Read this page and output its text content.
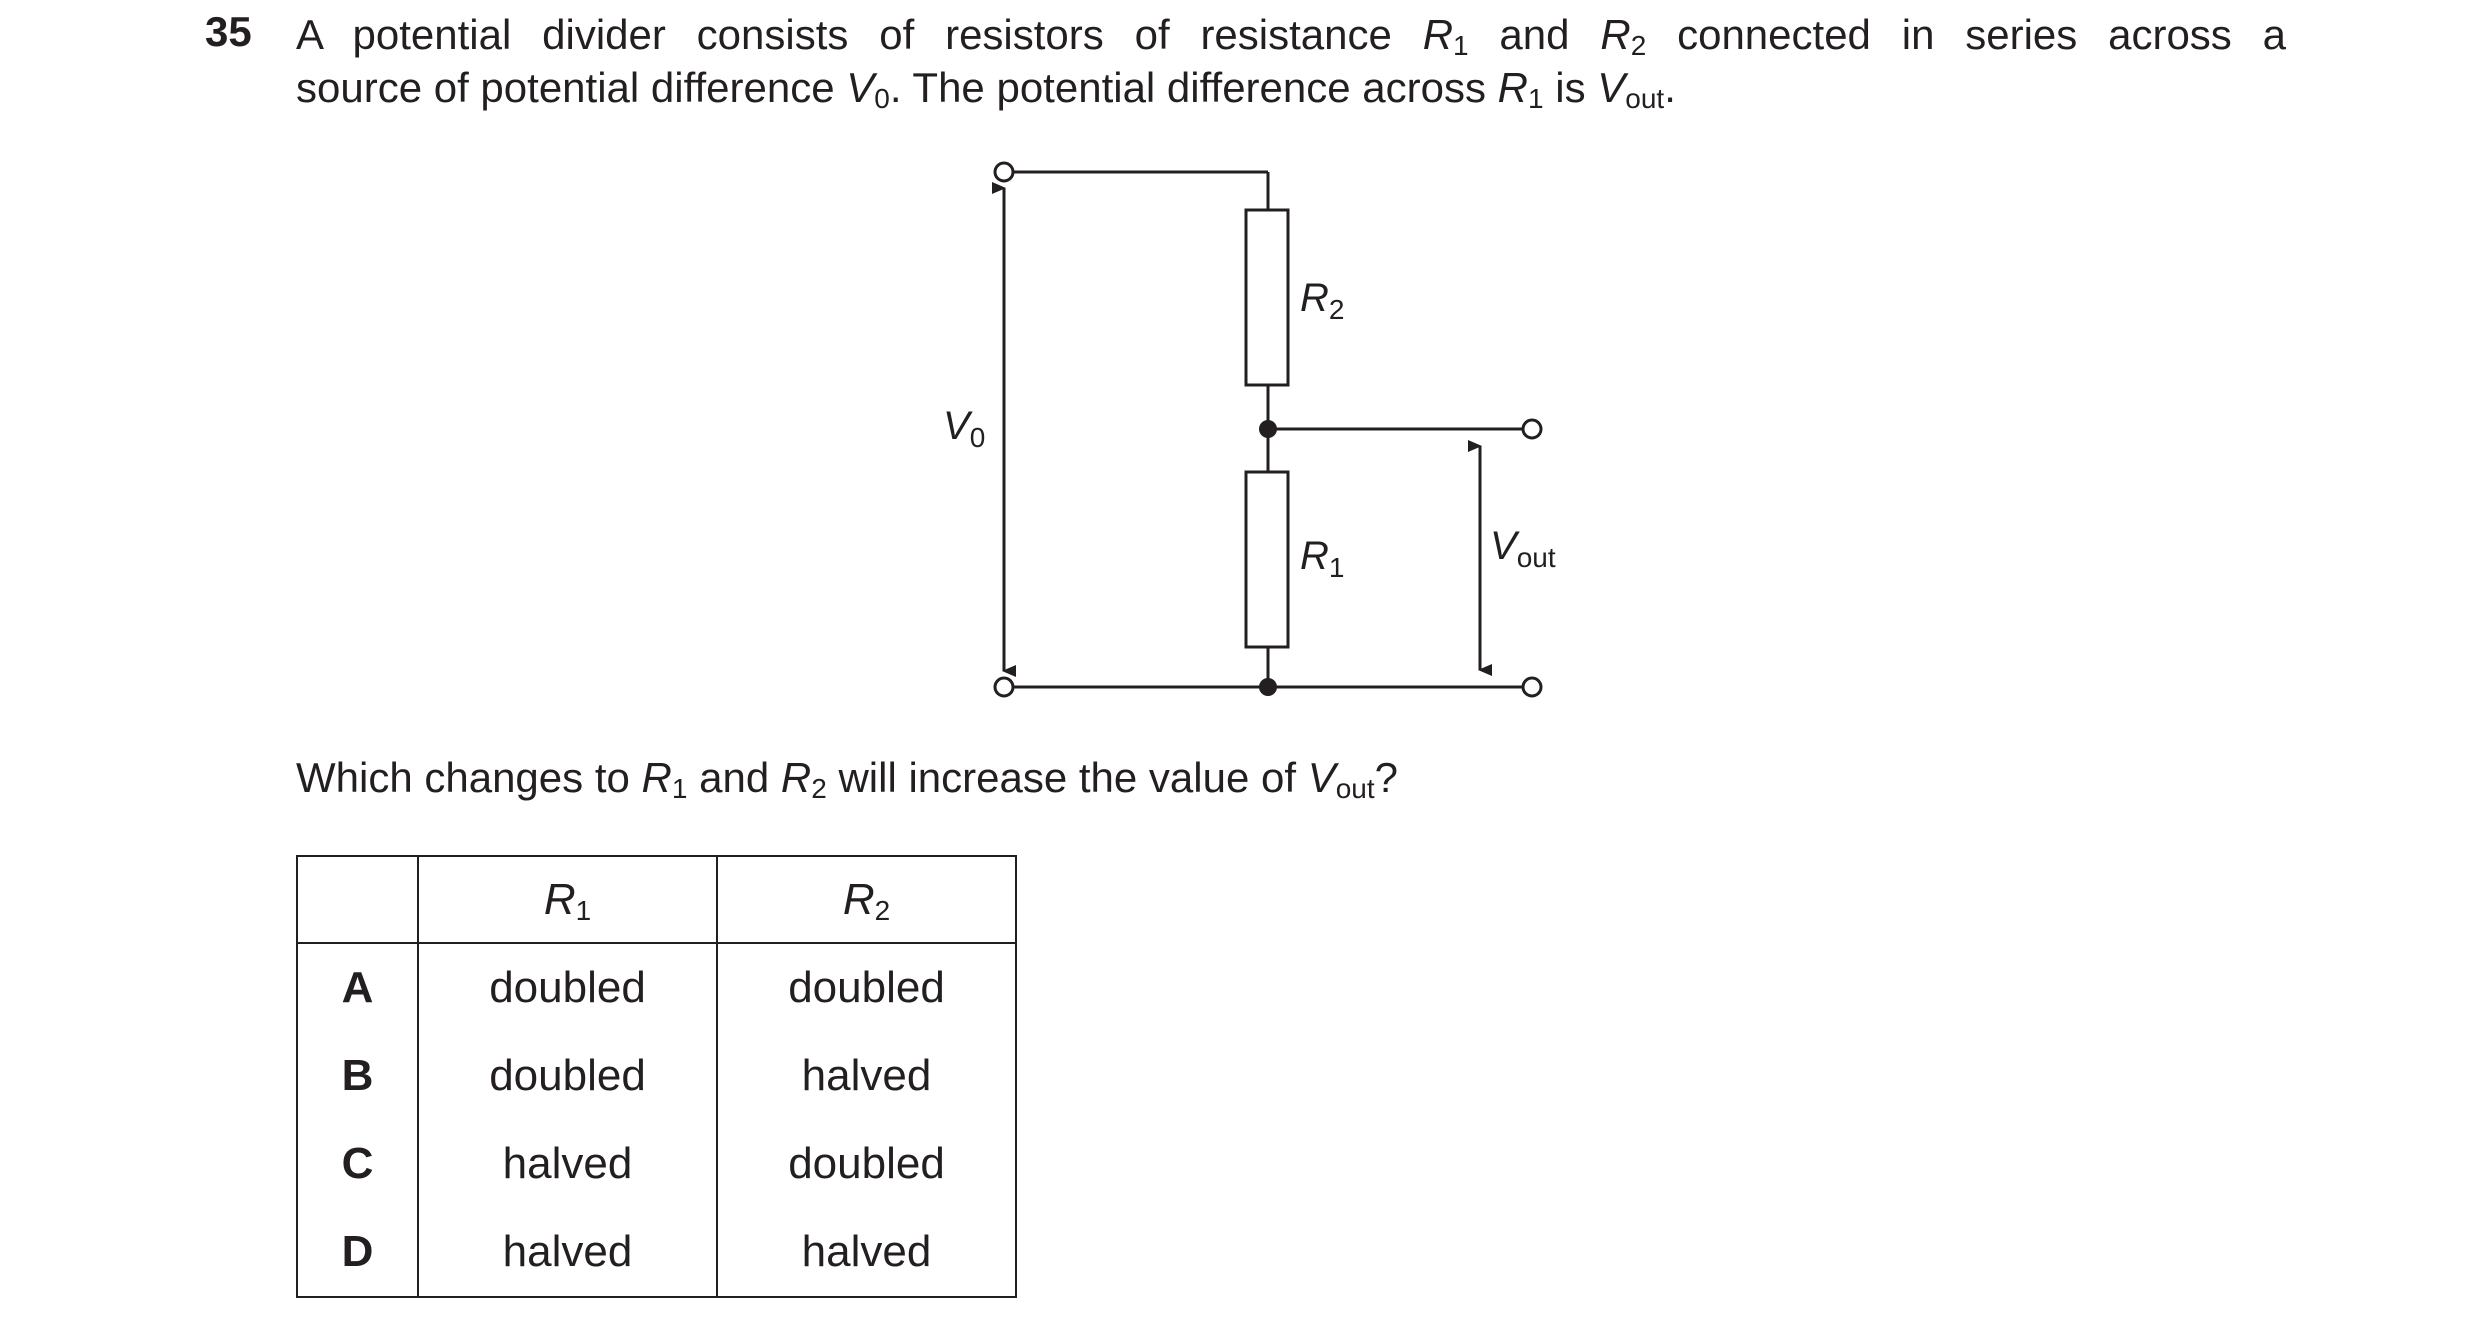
35 A potential divider consists of resistors of resistance $R_1$ and $R_2$ connected in series across a
source of potential difference $V_0$. The potential difference across $R_1$ is $V_{out}$.
$R_2$
$R_1$
$V_0$
$V_{out}$
Which changes to $R_1$ and $R_2$ will increase the value of $V_{out}$?
	$R_1$	$R_2$
A	doubled	doubled
B	doubled	halved
C	halved	doubled
D	halved	halved
